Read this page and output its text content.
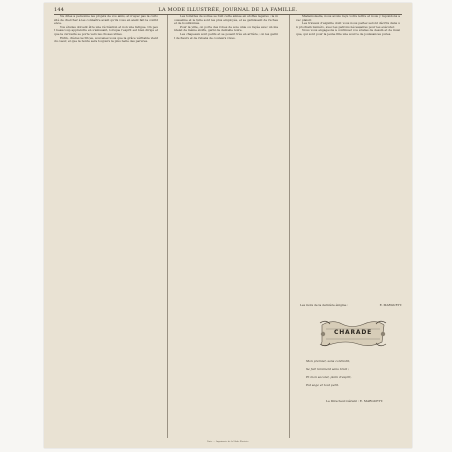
144	LA MODE ILLUSTRÉE, JOURNAL DE LA FAMILLE.

Ne dites à personne les projets de vos amis, et n'ayez pas la curiosité de chercher à les connaître avant qu'ils vous en aient fait la confidence.

Vos études doivent être une récréation et non une fatigue. On peut beaucoup apprendre en s'amusant, lorsque l'esprit est bien dirigé et que la curiosité se porte vers les choses utiles.

Enfin, chères lectrices, souvenez-vous que la grâce véritable vient du cœur, et que la bonté sera toujours la plus belle des parures.

Les toilettes de soirée se font cette année en étoffes légères ; la mousseline et le tulle sont les plus employés, et se garnissent de ruches et de bouillonnés.

Pour la ville, on porte des robes de soie unie ou rayée avec un mantelet de même étoffe, garni de dentelle noire.

Les chapeaux sont petits et se posent très en arrière ; on les garnit de fleurs et de rubans de couleurs vives.

Mademoiselle, nous avons reçu votre lettre et nous y répondons avec plaisir.

Les travaux d'aiguille dont vous nous parlez seront décrits dans un prochain numéro, avec les patrons nécessaires pour les exécuter.

Nous vous engageons à continuer vos études de dessin et de musique, qui sont pour la jeune fille une source de jouissances pures.

Les mots de la dernière énigme :	E. MARGUETT.
CHARADE
Mon premier, sans contredit,
Se fait rarement sans bruit ;
Et mon second, plein d'esprit,
Est sage et tout petit.
Le Directeur-Gérant : E. MARGUETT.
Paris. — Imprimerie de la Mode Illustrée.
